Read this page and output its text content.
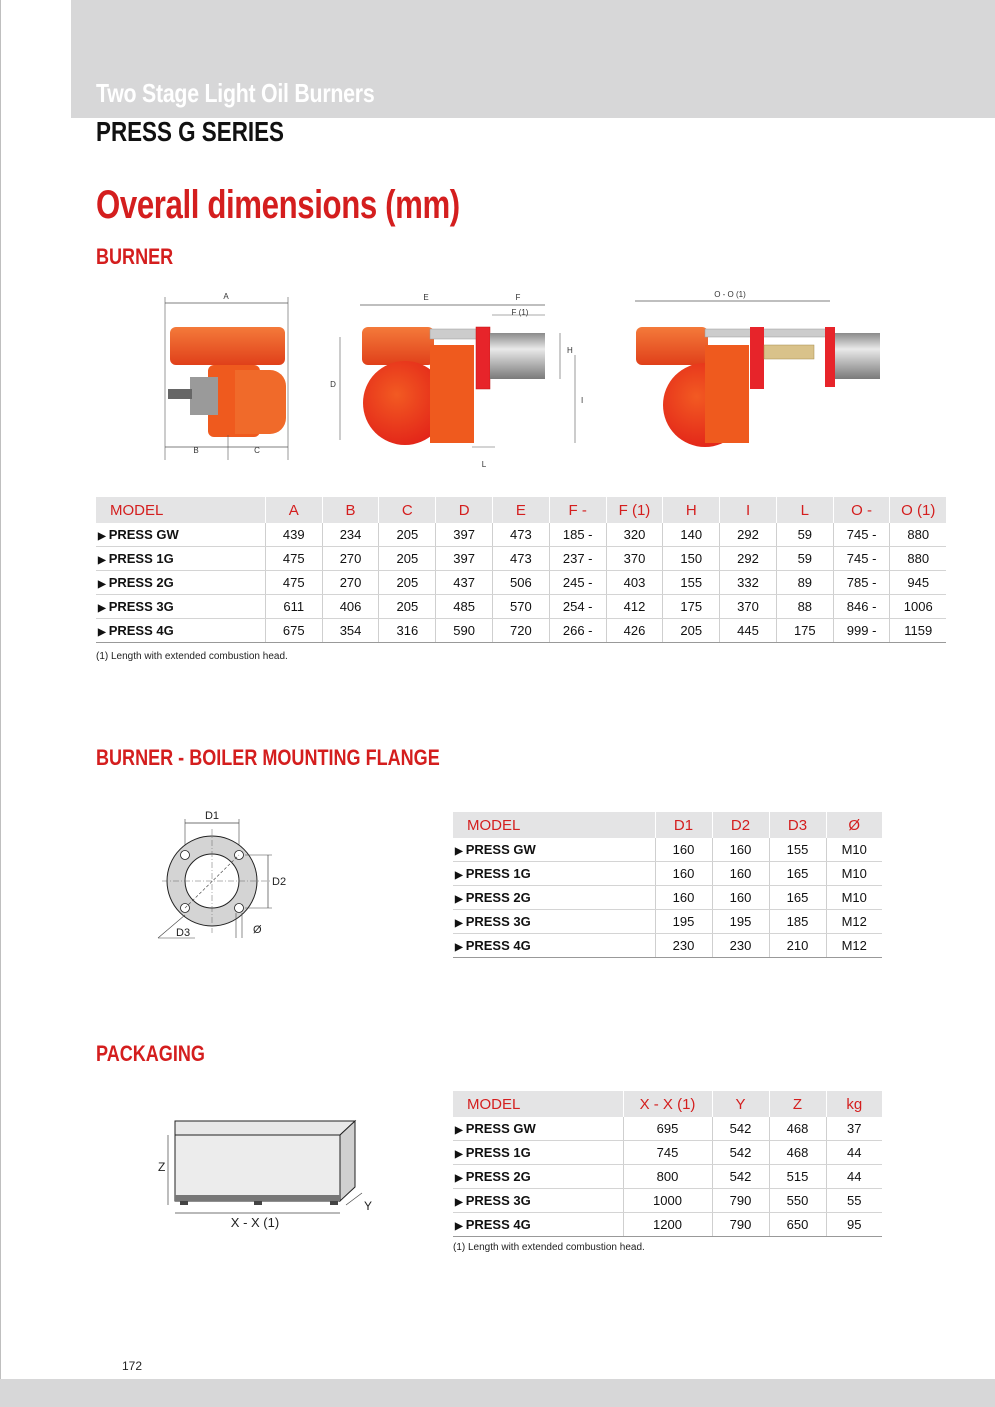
Two Stage Light Oil Burners
PRESS G SERIES
Overall dimensions (mm)
BURNER
A
B	C
E	F
F (1)
D
H
I
L
O - O (1)
MODEL	A	B	C	D	E	F -	F (1)	H	I	L	O -	O (1)
▶ PRESS GW	439	234	205	397	473	185 -	320	140	292	59	745 -	880
▶ PRESS 1G	475	270	205	397	473	237 -	370	150	292	59	745 -	880
▶ PRESS 2G	475	270	205	437	506	245 -	403	155	332	89	785 -	945
▶ PRESS 3G	611	406	205	485	570	254 -	412	175	370	88	846 -	1006
▶ PRESS 4G	675	354	316	590	720	266 -	426	205	445	175	999 -	1159
(1) Length with extended combustion head.
BURNER - BOILER MOUNTING FLANGE
D1
D2
D3	Ø
MODEL	D1	D2	D3	Ø
▶ PRESS GW	160	160	155	M10
▶ PRESS 1G	160	160	165	M10
▶ PRESS 2G	160	160	165	M10
▶ PRESS 3G	195	195	185	M12
▶ PRESS 4G	230	230	210	M12
PACKAGING
Z
X - X (1)
Y
MODEL	X - X (1)	Y	Z	kg
▶ PRESS GW	695	542	468	37
▶ PRESS 1G	745	542	468	44
▶ PRESS 2G	800	542	515	44
▶ PRESS 3G	1000	790	550	55
▶ PRESS 4G	1200	790	650	95
(1) Length with extended combustion head.
172
